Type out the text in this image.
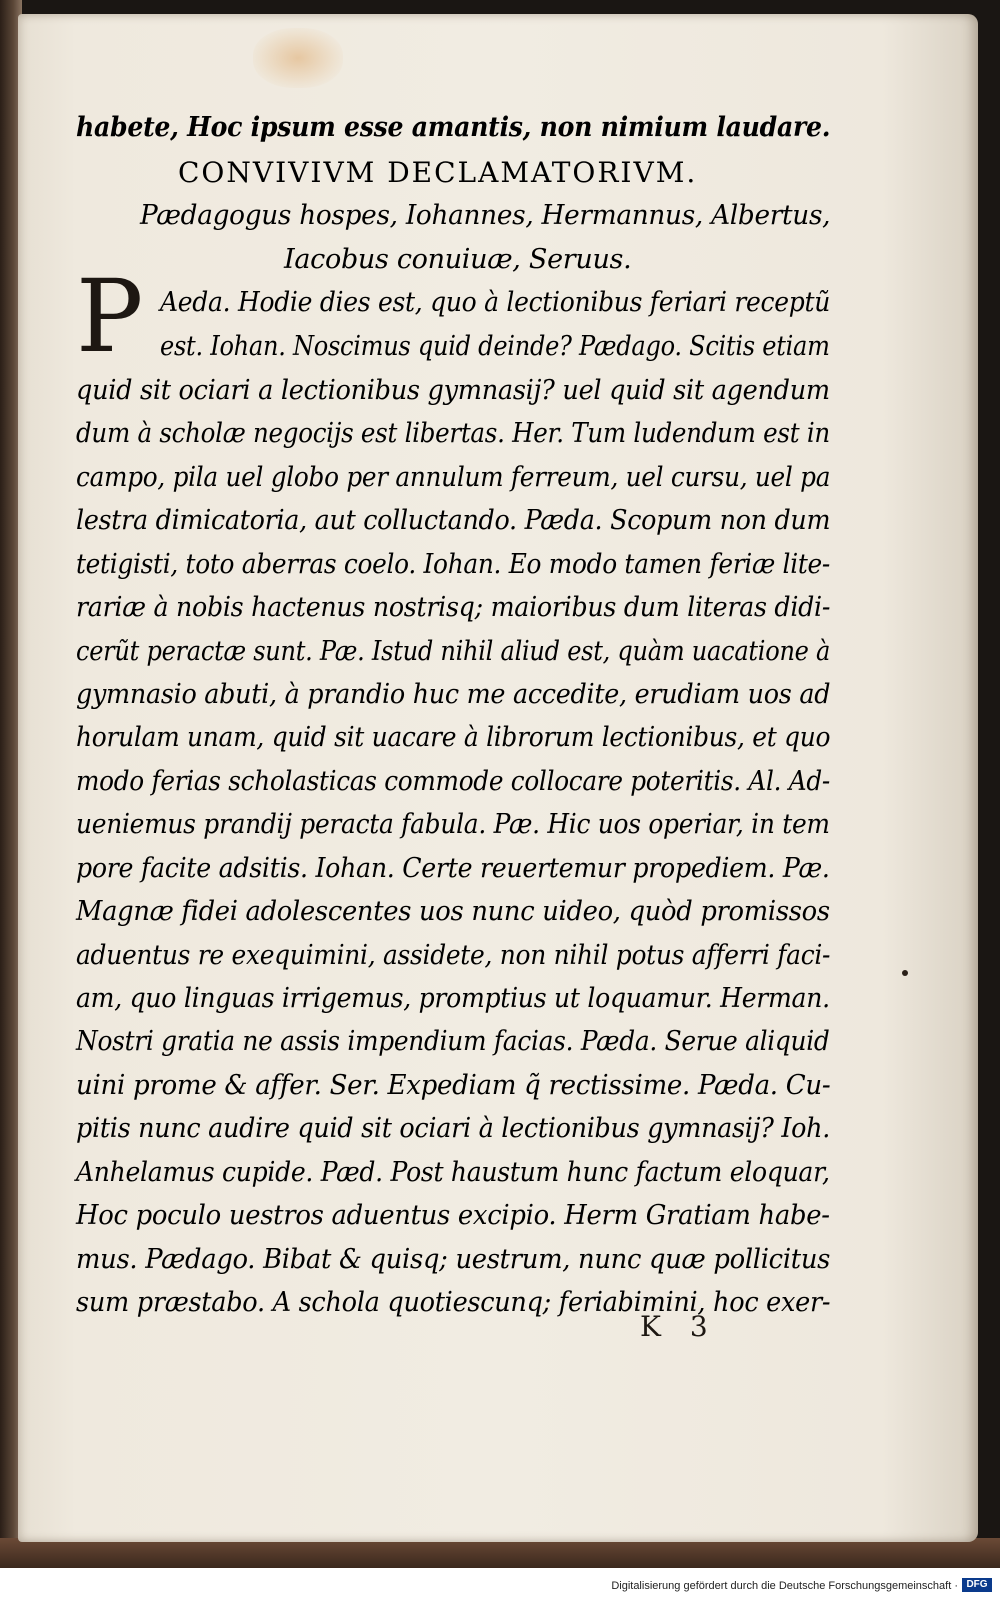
habete, Hoc ipsum esse amantis, non nimium laudare.
CONVIVIVM DECLAMATORIVM.
Pædagogus hospes, Iohannes, Hermannus, Albertus,
Iacobus conuiuæ, Seruus.
P Aeda. Hodie dies est, quo à lectionibus feriari receptũ
est. Iohan. Noscimus quid deinde? Pædago. Scitis etiam
quid sit ociari a lectionibus gymnasij? uel quid sit agendum
dum à scholæ negocijs est libertas. Her. Tum ludendum est in
campo, pila uel globo per annulum ferreum, uel cursu, uel pa
lestra dimicatoria, aut colluctando. Pæda. Scopum non dum
tetigisti, toto aberras coelo. Iohan. Eo modo tamen feriæ lite-
rariæ à nobis hactenus nostrisq; maioribus dum literas didi-
cerũt peractæ sunt. Pæ. Istud nihil aliud est, quàm uacatione à
gymnasio abuti, à prandio huc me accedite, erudiam uos ad
horulam unam, quid sit uacare à librorum lectionibus, et quo
modo ferias scholasticas commode collocare poteritis. Al. Ad-
ueniemus prandij peracta fabula. Pæ. Hic uos operiar, in tem
pore facite adsitis. Iohan. Certe reuertemur propediem. Pæ.
Magnæ fidei adolescentes uos nunc uideo, quòd promissos
aduentus re exequimini, assidete, non nihil potus afferri faci-
am, quo linguas irrigemus, promptius ut loquamur. Herman.
Nostri gratia ne assis impendium facias. Pæda. Serue aliquid
uini prome & affer. Ser. Expediam q̃ rectissime. Pæda. Cu-
pitis nunc audire quid sit ociari à lectionibus gymnasij? Ioh.
Anhelamus cupide. Pæd. Post haustum hunc factum eloquar,
Hoc poculo uestros aduentus excipio. Herm Gratiam habe-
mus. Pædago. Bibat & quisq; uestrum, nunc quæ pollicitus
sum præstabo. A schola quotiescunq; feriabimini, hoc exer-
K 3
Digitalisierung gefördert durch die Deutsche Forschungsgemeinschaft · DFG
